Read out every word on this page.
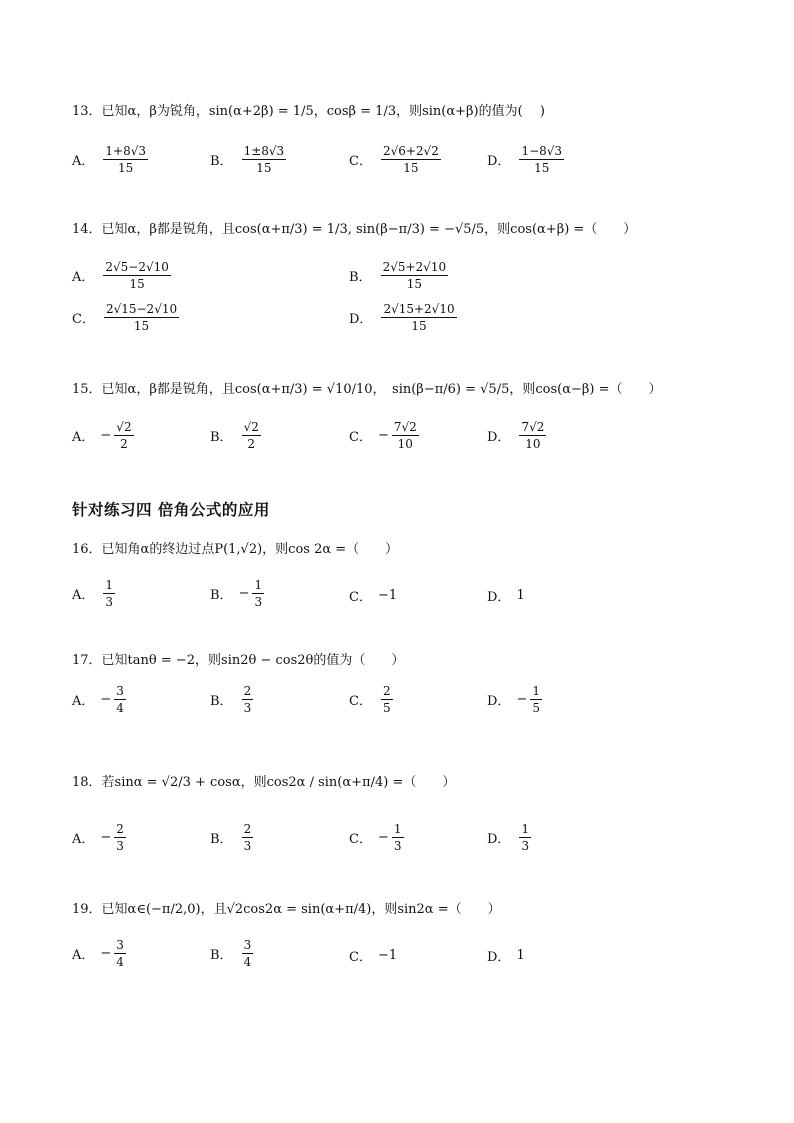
13．已知α，β为锐角，sin(α+2β) = 1/5，cosβ = 1/3，则sin(α+β)的值为(　 )
A． $\frac{1+8√3}{15}$	B． $\frac{1\pm 8√3}{15}$	C． $\frac{2√6+2√2}{15}$	D． $\frac{1-8√3}{15}$
14．已知α，β都是锐角，且cos(α+π/3) = 1/3, sin(β−π/3) = −√5/5，则cos(α+β) =（　　）
A． $\frac{2√5-2√10}{15}$	B． $\frac{2√5+2√10}{15}$
C． $\frac{2√15-2√10}{15}$	D． $\frac{2√15+2√10}{15}$
15．已知α，β都是锐角，且cos(α+π/3) = √10/10，　sin(β−π/6) = √5/5，则cos(α−β) =（　　）
A． − $\frac{√2}{2}$	B． $\frac{√2}{2}$	C． − $\frac{7√2}{10}$	D． $\frac{7√2}{10}$
针对练习四 倍角公式的应用
16．已知角α的终边过点P(1,√2)，则cos 2α =（　　）
A． $\frac{1}{3}$	B． − $\frac{1}{3}$	C． −1	D． 1
17．已知tanθ = −2，则sin2θ − cos2θ的值为（　　）
A． − $\frac{3}{4}$	B． $\frac{2}{3}$	C． $\frac{2}{5}$	D． − $\frac{1}{5}$
18．若sinα = √2/3 + cosα，则cos2α / sin(α+π/4) =（　　）
A． − $\frac{2}{3}$	B． $\frac{2}{3}$	C． − $\frac{1}{3}$	D． $\frac{1}{3}$
19．已知α∈(−π/2,0)，且√2cos2α = sin(α+π/4)，则sin2α =（　　）
A． − $\frac{3}{4}$	B． $\frac{3}{4}$	C． −1	D． 1
